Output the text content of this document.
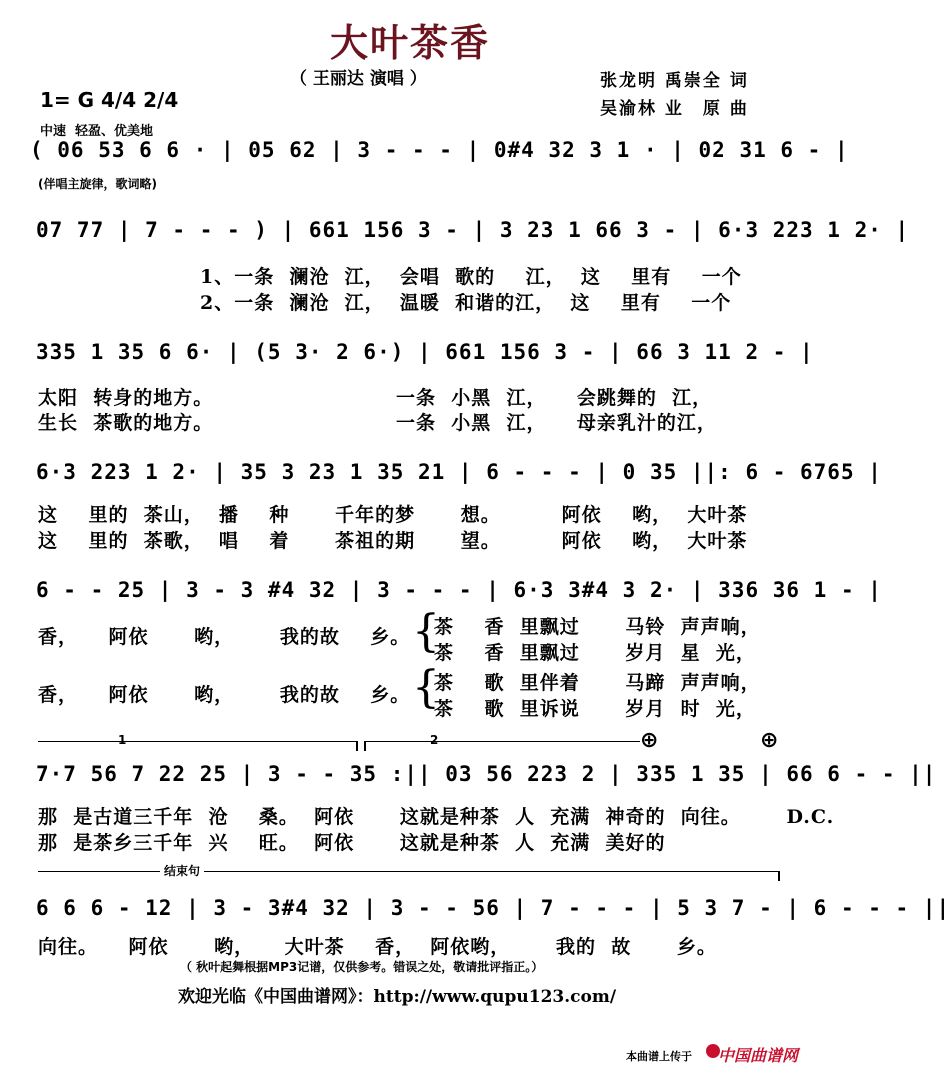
大叶茶香
（ 王丽达 演唱 ）	张龙明 禹崇全 词
吴渝林 业　原 曲
1= G 4/4 2/4
中速  轻盈、优美地
( 06 53 6 6 · | 05 62 | 3 - - - | 0#4 32 3 1 · | 02 31 6 - |
(伴唱主旋律，歌词略)
07 77 | 7 - - - ) | 661 156 3 - | 3 23 1 66 3 - | 6·3 223 1 2· |
1、一条  澜沧  江，  会唱  歌的    江，  这    里有    一个
2、一条  澜沧  江，  温暖  和谐的江，  这    里有    一个
335 1 35 6 6· | (5 3· 2 6·) | 661 156 3 - | 66 3 11 2 - |
太阳  转身的地方。                        一条  小黑  江，    会跳舞的  江，
生长  茶歌的地方。                        一条  小黑  江，    母亲乳汁的江，
6·3 223 1 2· | 35 3 23 1 35 21 | 6 - - - | 0 35 ||: 6 - 6765 |
这    里的  茶山，  播    种      千年的梦      想。        阿依    哟，  大叶茶
这    里的  茶歌，  唱    着      茶祖的期      望。        阿依    哟，  大叶茶
6 - - 25 | 3 - 3 #4 32 | 3 - - - | 6·3 3#4 3 2· | 336 36 1 - |
香，    阿依      哟，      我的故    乡。
香，    阿依      哟，      我的故    乡。
{
{
茶    香  里飘过      马铃  声声响，
茶    香  里飘过      岁月  星  光，
茶    歌  里伴着      马蹄  声声响，
茶    歌  里诉说      岁月  时  光，
1	2	⊕	⊕
7·7 56 7 22 25 | 3 - - 35 :|| 03 56 223 2 | 335 1 35 | 66 6 - - ||
那  是古道三千年  沧    桑。  阿依      这就是种茶  人  充满  神奇的  向往。      D.C.
那  是茶乡三千年  兴    旺。  阿依      这就是种茶  人  充满  美好的
结束句
6 6 6 - 12 | 3 - 3#4 32 | 3 - - 56 | 7 - - - | 5 3 7 - | 6 - - - ||
向往。    阿依      哟，    大叶茶    香，  阿依哟，      我的  故      乡。
（ 秋叶起舞根据MP3记谱，仅供参考。错误之处，敬请批评指正。）
欢迎光临《中国曲谱网》：http://www.qupu123.com/
本曲谱上传于 中国曲谱网
